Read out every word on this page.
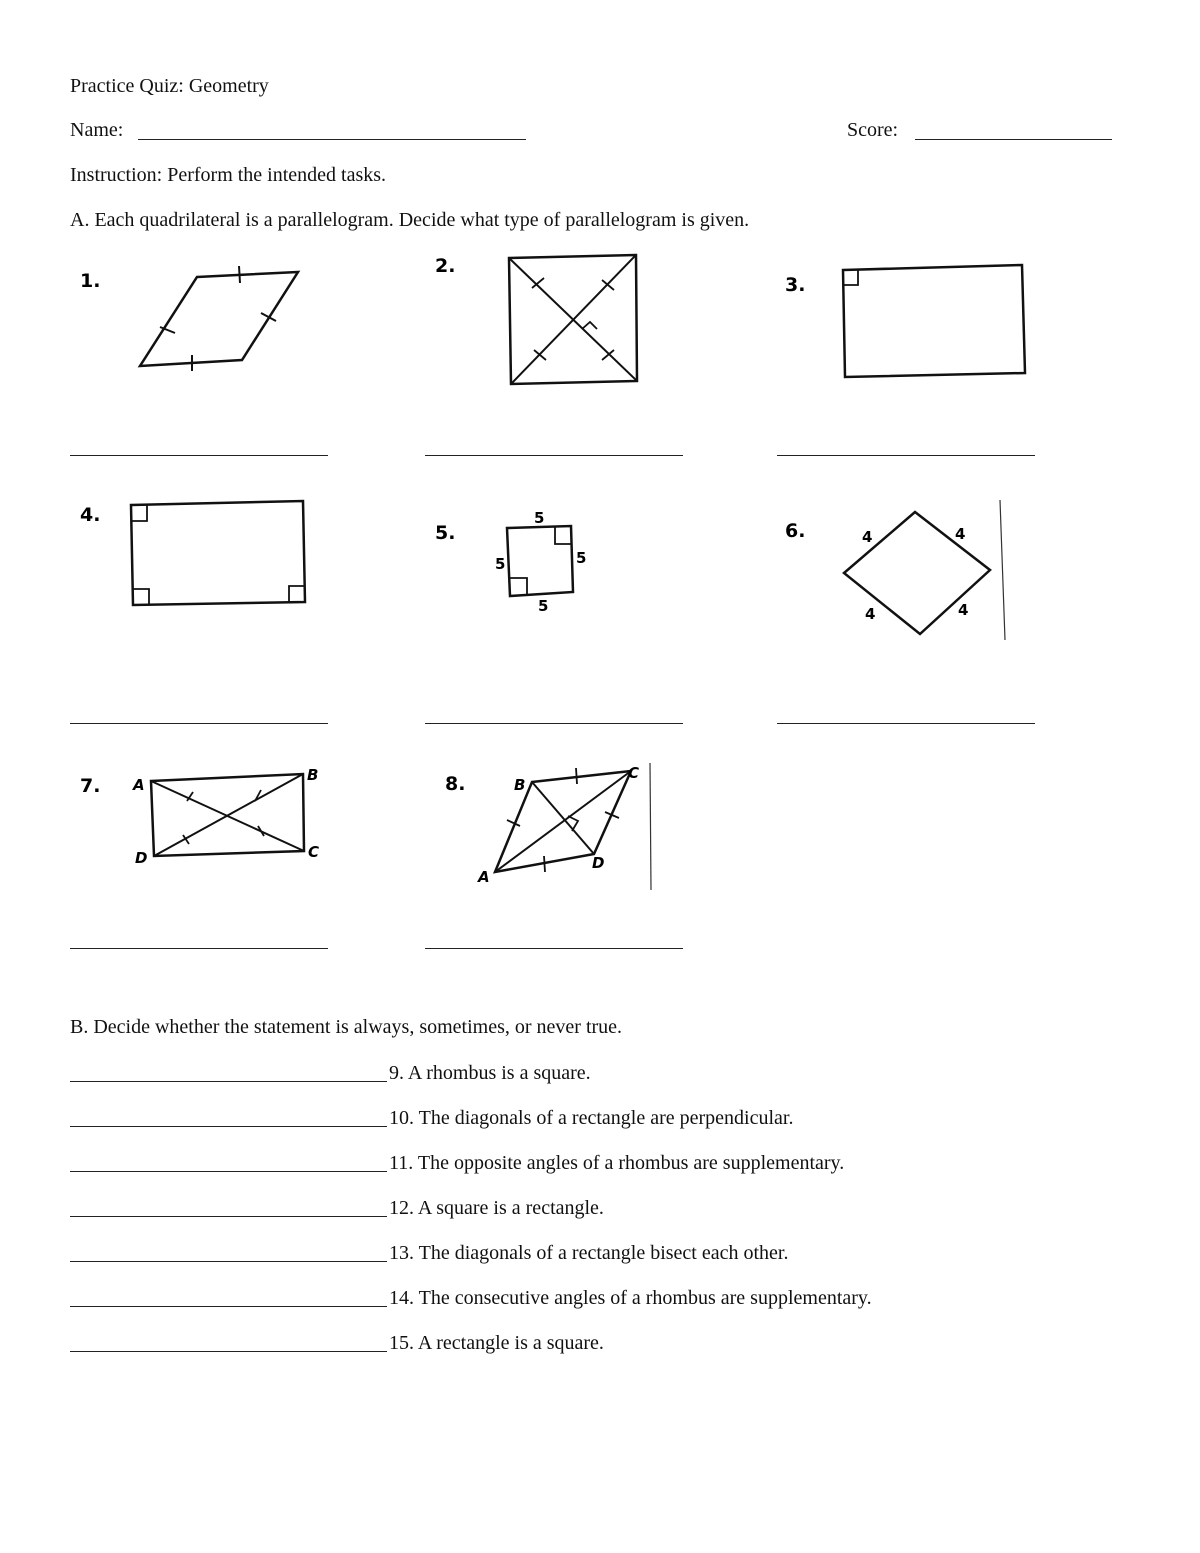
Practice Quiz: Geometry
Name:	Score:
Instruction: Perform the intended tasks.
A. Each quadrilateral is a parallelogram. Decide what type of parallelogram is given.
1.
2.
3.
4.
5.
5
5
5
5
6.	4	4
4
4
7. A
B
C
D
8.
A
B
C
D
B. Decide whether the statement is always, sometimes, or never true.
9. A rhombus is a square.
10. The diagonals of a rectangle are perpendicular.
11. The opposite angles of a rhombus are supplementary.
12. A square is a rectangle.
13. The diagonals of a rectangle bisect each other.
14. The consecutive angles of a rhombus are supplementary.
15. A rectangle is a square.
